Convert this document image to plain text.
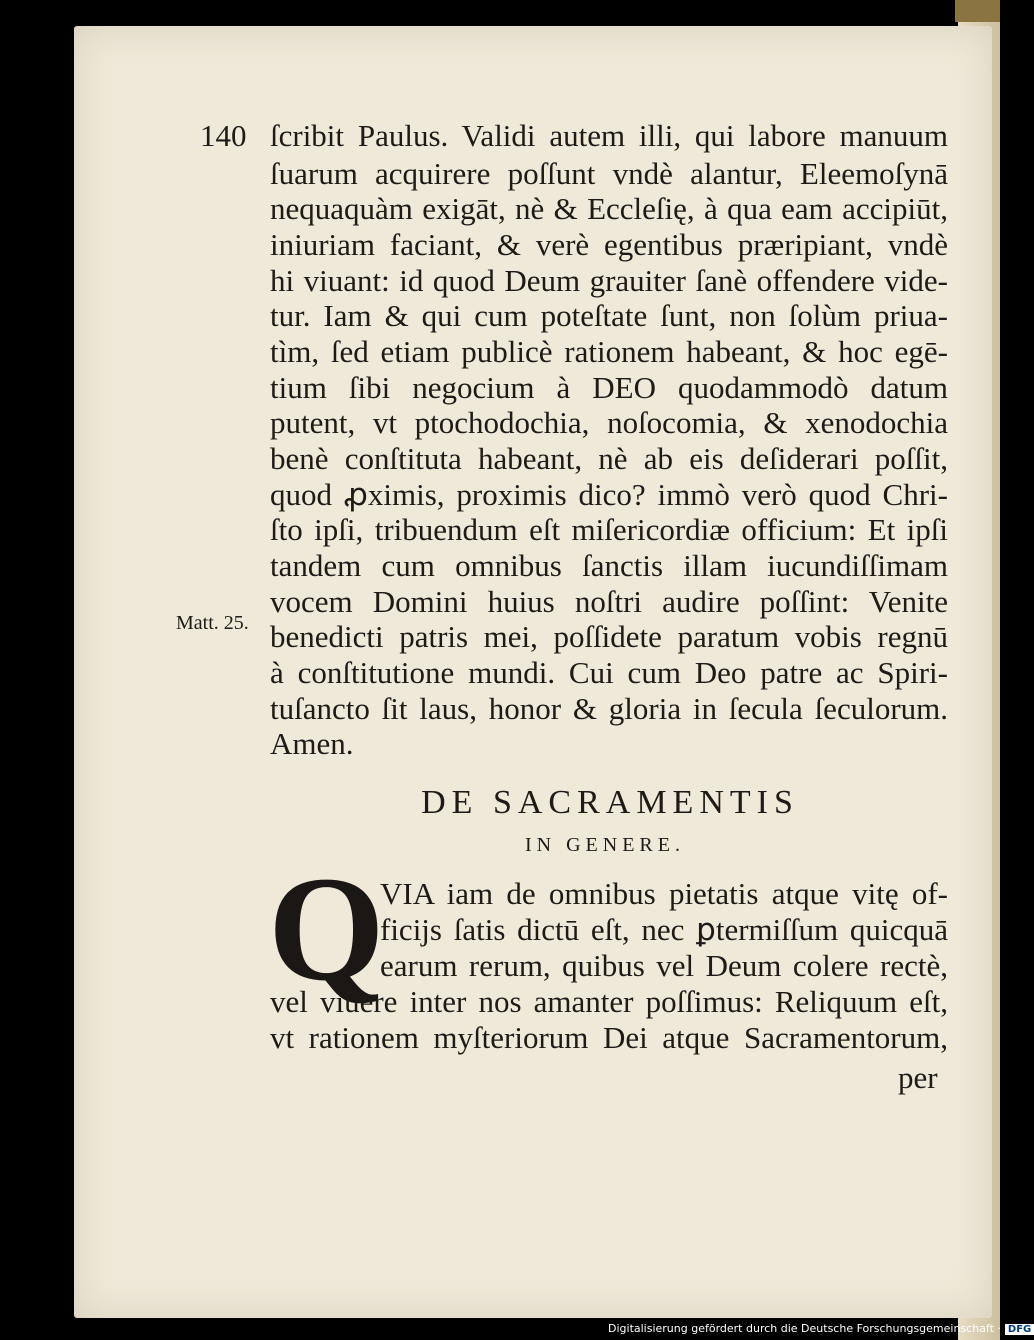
140 ſcribit Paulus. Validi autem illi, qui labore manuum
ſuarum acquirere poſſunt vndè alantur, Eleemoſynā
nequaquàm exigāt, nè & Eccleſię, à qua eam accipiūt,
iniuriam faciant, & verè egentibus præripiant, vndè
hi viuant: id quod Deum grauiter ſanè offendere vide-
tur. Iam & qui cum poteſtate ſunt, non ſolùm priua-
tìm, ſed etiam publicè rationem habeant, & hoc egē-
tium ſibi negocium à DEO quodammodò datum
putent, vt ptochodochia, noſocomia, & xenodochia
benè conſtituta habeant, nè ab eis deſiderari poſſit,
quod ꝓximis, proximis dico? immò verò quod Chri-
ſto ipſi, tribuendum eſt miſericordiæ officium: Et ipſi
tandem cum omnibus ſanctis illam iucundiſſimam
vocem Domini huius noſtri audire poſſint: Venite
benedicti patris mei, poſſidete paratum vobis regnū
à conſtitutione mundi. Cui cum Deo patre ac Spiri-
tuſancto ſit laus, honor & gloria in ſecula ſeculorum.
Amen.
Matt. 25.
DE SACRAMENTIS
IN GENERE.
Q
VIA iam de omnibus pietatis atque vitę of-
ficijs ſatis dictū eſt, nec ꝑtermiſſum quicquā
earum rerum, quibus vel Deum colere rectè,
vel viuere inter nos amanter poſſimus: Reliquum eſt,
vt rationem myſteriorum Dei atque Sacramentorum,
per
Digitalisierung gefördert durch die Deutsche Forschungsgemeinschaft · DFG
